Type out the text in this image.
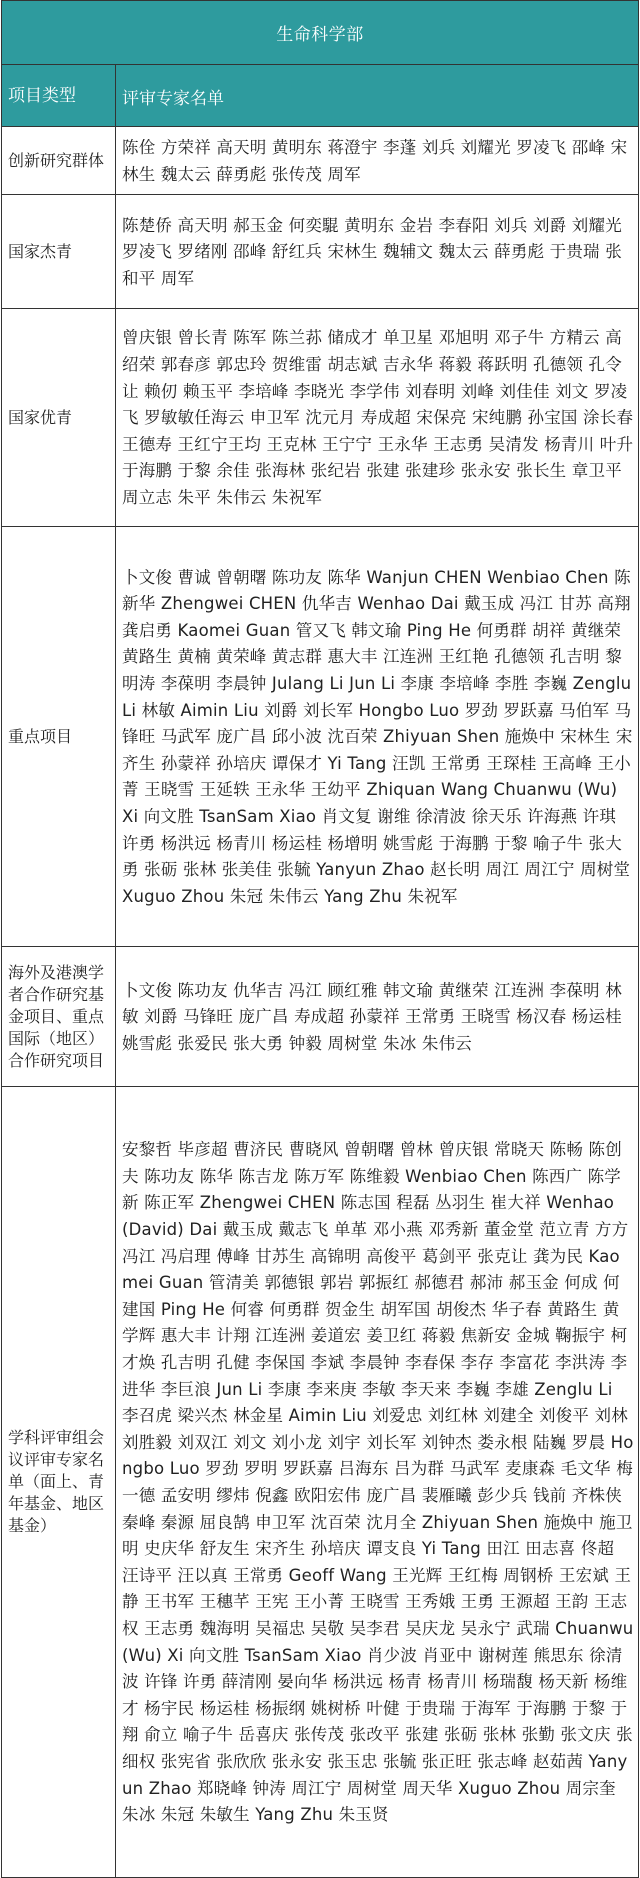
生命科学部
项目类型	评审专家名单
创新研究群体
陈佺 方荣祥 高天明 黄明东 蒋澄宇 李蓬 刘兵 刘耀光 罗凌飞 邵峰 宋林生 魏太云 薛勇彪 张传茂 周军
国家杰青
陈楚侨 高天明 郝玉金 何奕騉 黄明东 金岩 李春阳 刘兵 刘爵 刘耀光 罗凌飞 罗绪刚 邵峰 舒红兵 宋林生 魏辅文 魏太云 薛勇彪 于贵瑞 张和平 周军
国家优青
曾庆银 曾长青 陈军 陈兰荪 储成才 单卫星 邓旭明 邓子牛 方精云 高绍荣 郭春彦 郭忠玲 贺维雷 胡志斌 吉永华 蒋毅 蒋跃明 孔德领 孔令让 赖仞 赖玉平 李培峰 李晓光 李学伟 刘春明 刘峰 刘佳佳 刘文 罗凌飞 罗敏敏任海云 申卫军 沈元月 寿成超 宋保亮 宋纯鹏 孙宝国 涂长春 王德寿 王红宁王均 王克林 王宁宁 王永华 王志勇 吴清发 杨青川 叶升 于海鹏 于黎 余佳 张海林 张纪岩 张建 张建珍 张永安 张长生 章卫平 周立志 朱平 朱伟云 朱祝军
重点项目
卜文俊 曹诚 曾朝曙 陈功友 陈华 Wanjun CHEN Wenbiao Chen 陈新华 Zhengwei CHEN 仇华吉 Wenhao Dai 戴玉成 冯江 甘苏 高翔 龚启勇 Kaomei Guan 管又飞 韩文瑜 Ping He 何勇群 胡祥 黄继荣 黄路生 黄楠 黄荣峰 黄志群 惠大丰 江连洲 王红艳 孔德领 孔吉明 黎明涛 李葆明 李晨钟 Julang Li Jun Li 李康 李培峰 李胜 李巍 Zenglu Li 林敏 Aimin Liu 刘爵 刘长军 Hongbo Luo 罗劲 罗跃嘉 马伯军 马锋旺 马武军 庞广昌 邱小波 沈百荣 Zhiyuan Shen 施焕中 宋林生 宋齐生 孙蒙祥 孙培庆 谭保才 Yi Tang 汪凯 王常勇 王琛桂 王高峰 王小菁 王晓雪 王延轶 王永华 王幼平 Zhiquan Wang Chuanwu (Wu) Xi 向文胜 TsanSam Xiao 肖文复 谢维 徐清波 徐天乐 许海燕 许琪 许勇 杨洪远 杨青川 杨运桂 杨增明 姚雪彪 于海鹏 于黎 喻子牛 张大勇 张砺 张林 张美佳 张毓 Yanyun Zhao 赵长明 周江 周江宁 周树堂 Xuguo Zhou 朱冠 朱伟云 Yang Zhu 朱祝军
海外及港澳学者合作研究基金项目、重点国际（地区）合作研究项目
卜文俊 陈功友 仇华吉 冯江 顾红雅 韩文瑜 黄继荣 江连洲 李葆明 林敏 刘爵 马锋旺 庞广昌 寿成超 孙蒙祥 王常勇 王晓雪 杨汉春 杨运桂 姚雪彪 张爱民 张大勇 钟毅 周树堂 朱冰 朱伟云
学科评审组会议评审专家名单（面上、青年基金、地区基金）
安黎哲 毕彦超 曹济民 曹晓风 曾朝曙 曾林 曾庆银 常晓天 陈畅 陈创夫 陈功友 陈华 陈吉龙 陈万军 陈维毅 Wenbiao Chen 陈西广 陈学新 陈正军 Zhengwei CHEN 陈志国 程磊 丛羽生 崔大祥 Wenhao (David) Dai 戴玉成 戴志飞 单革 邓小燕 邓秀新 董金堂 范立青 方方 冯江 冯启理 傅峰 甘苏生 高锦明 高俊平 葛剑平 张克让 龚为民 Kaomei Guan 管清美 郭德银 郭岩 郭振红 郝德君 郝沛 郝玉金 何成 何建国 Ping He 何睿 何勇群 贺金生 胡军国 胡俊杰 华子春 黄路生 黄学辉 惠大丰 计翔 江连洲 姜道宏 姜卫红 蒋毅 焦新安 金城 鞠振宇 柯才焕 孔吉明 孔健 李保国 李斌 李晨钟 李春保 李存 李富花 李洪涛 李进华 李巨浪 Jun Li 李康 李来庚 李敏 李天来 李巍 李雄 Zenglu Li 李召虎 梁兴杰 林金星 Aimin Liu 刘爱忠 刘红林 刘建全 刘俊平 刘林 刘胜毅 刘双江 刘文 刘小龙 刘宇 刘长军 刘钟杰 娄永根 陆巍 罗晨 Hongbo Luo 罗劲 罗明 罗跃嘉 吕海东 吕为群 马武军 麦康森 毛文华 梅一德 孟安明 缪炜 倪鑫 欧阳宏伟 庞广昌 裴雁曦 彭少兵 钱前 齐株侠 秦峰 秦源 屈良鹄 申卫军 沈百荣 沈月全 Zhiyuan Shen 施焕中 施卫明 史庆华 舒友生 宋齐生 孙培庆 谭支良 Yi Tang 田江 田志喜 佟超 汪诗平 汪以真 王常勇 Geoff Wang 王光辉 王红梅 周钢桥 王宏斌 王静 王书军 王穗芊 王宪 王小菁 王晓雪 王秀娥 王勇 王源超 王韵 王志权 王志勇 魏海明 吴福忠 吴敬 吴李君 吴庆龙 吴永宁 武瑞 Chuanwu (Wu) Xi 向文胜 TsanSam Xiao 肖少波 肖亚中 谢树莲 熊思东 徐清波 许锋 许勇 薛清刚 晏向华 杨洪远 杨青 杨青川 杨瑞馥 杨天新 杨维才 杨宇民 杨运桂 杨振纲 姚树桥 叶健 于贵瑞 于海军 于海鹏 于黎 于翔 俞立 喻子牛 岳喜庆 张传茂 张改平 张建 张砺 张林 张勤 张文庆 张细权 张宪省 张欣欣 张永安 张玉忠 张毓 张正旺 张志峰 赵茹茜 Yanyun Zhao 郑晓峰 钟涛 周江宁 周树堂 周天华 Xuguo Zhou 周宗奎 朱冰 朱冠 朱敏生 Yang Zhu 朱玉贤
